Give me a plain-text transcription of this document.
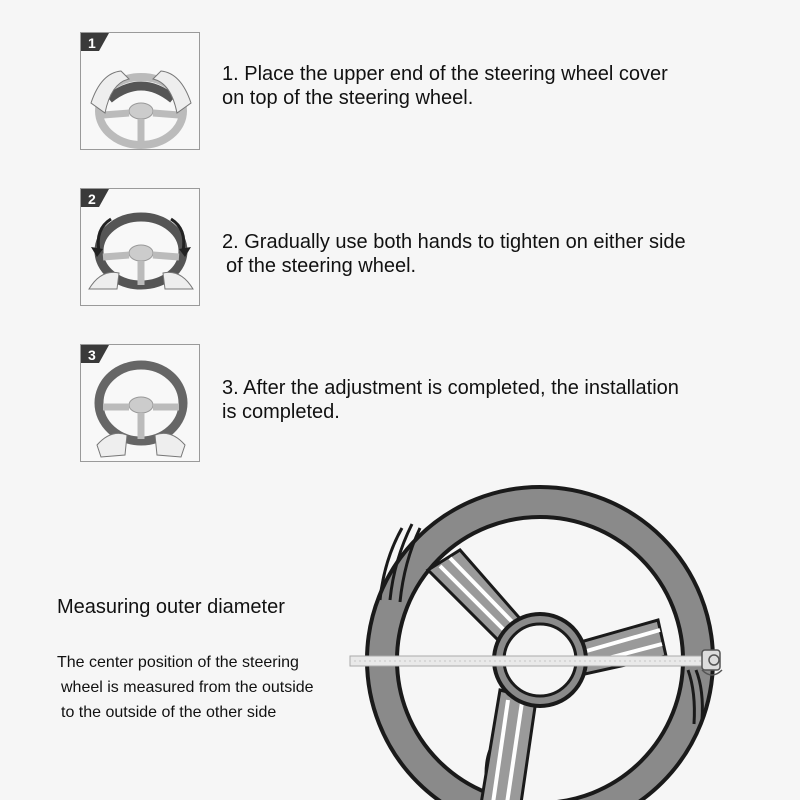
1
1. Place the upper end of the steering wheel cover
on top of the steering wheel.
2
2. Gradually use both hands to tighten on either side
of the steering wheel.
3
3. After the adjustment is completed, the installation
is completed.
Measuring outer diameter
The center position of the steering
wheel is measured from the outside
to the outside of the other side
